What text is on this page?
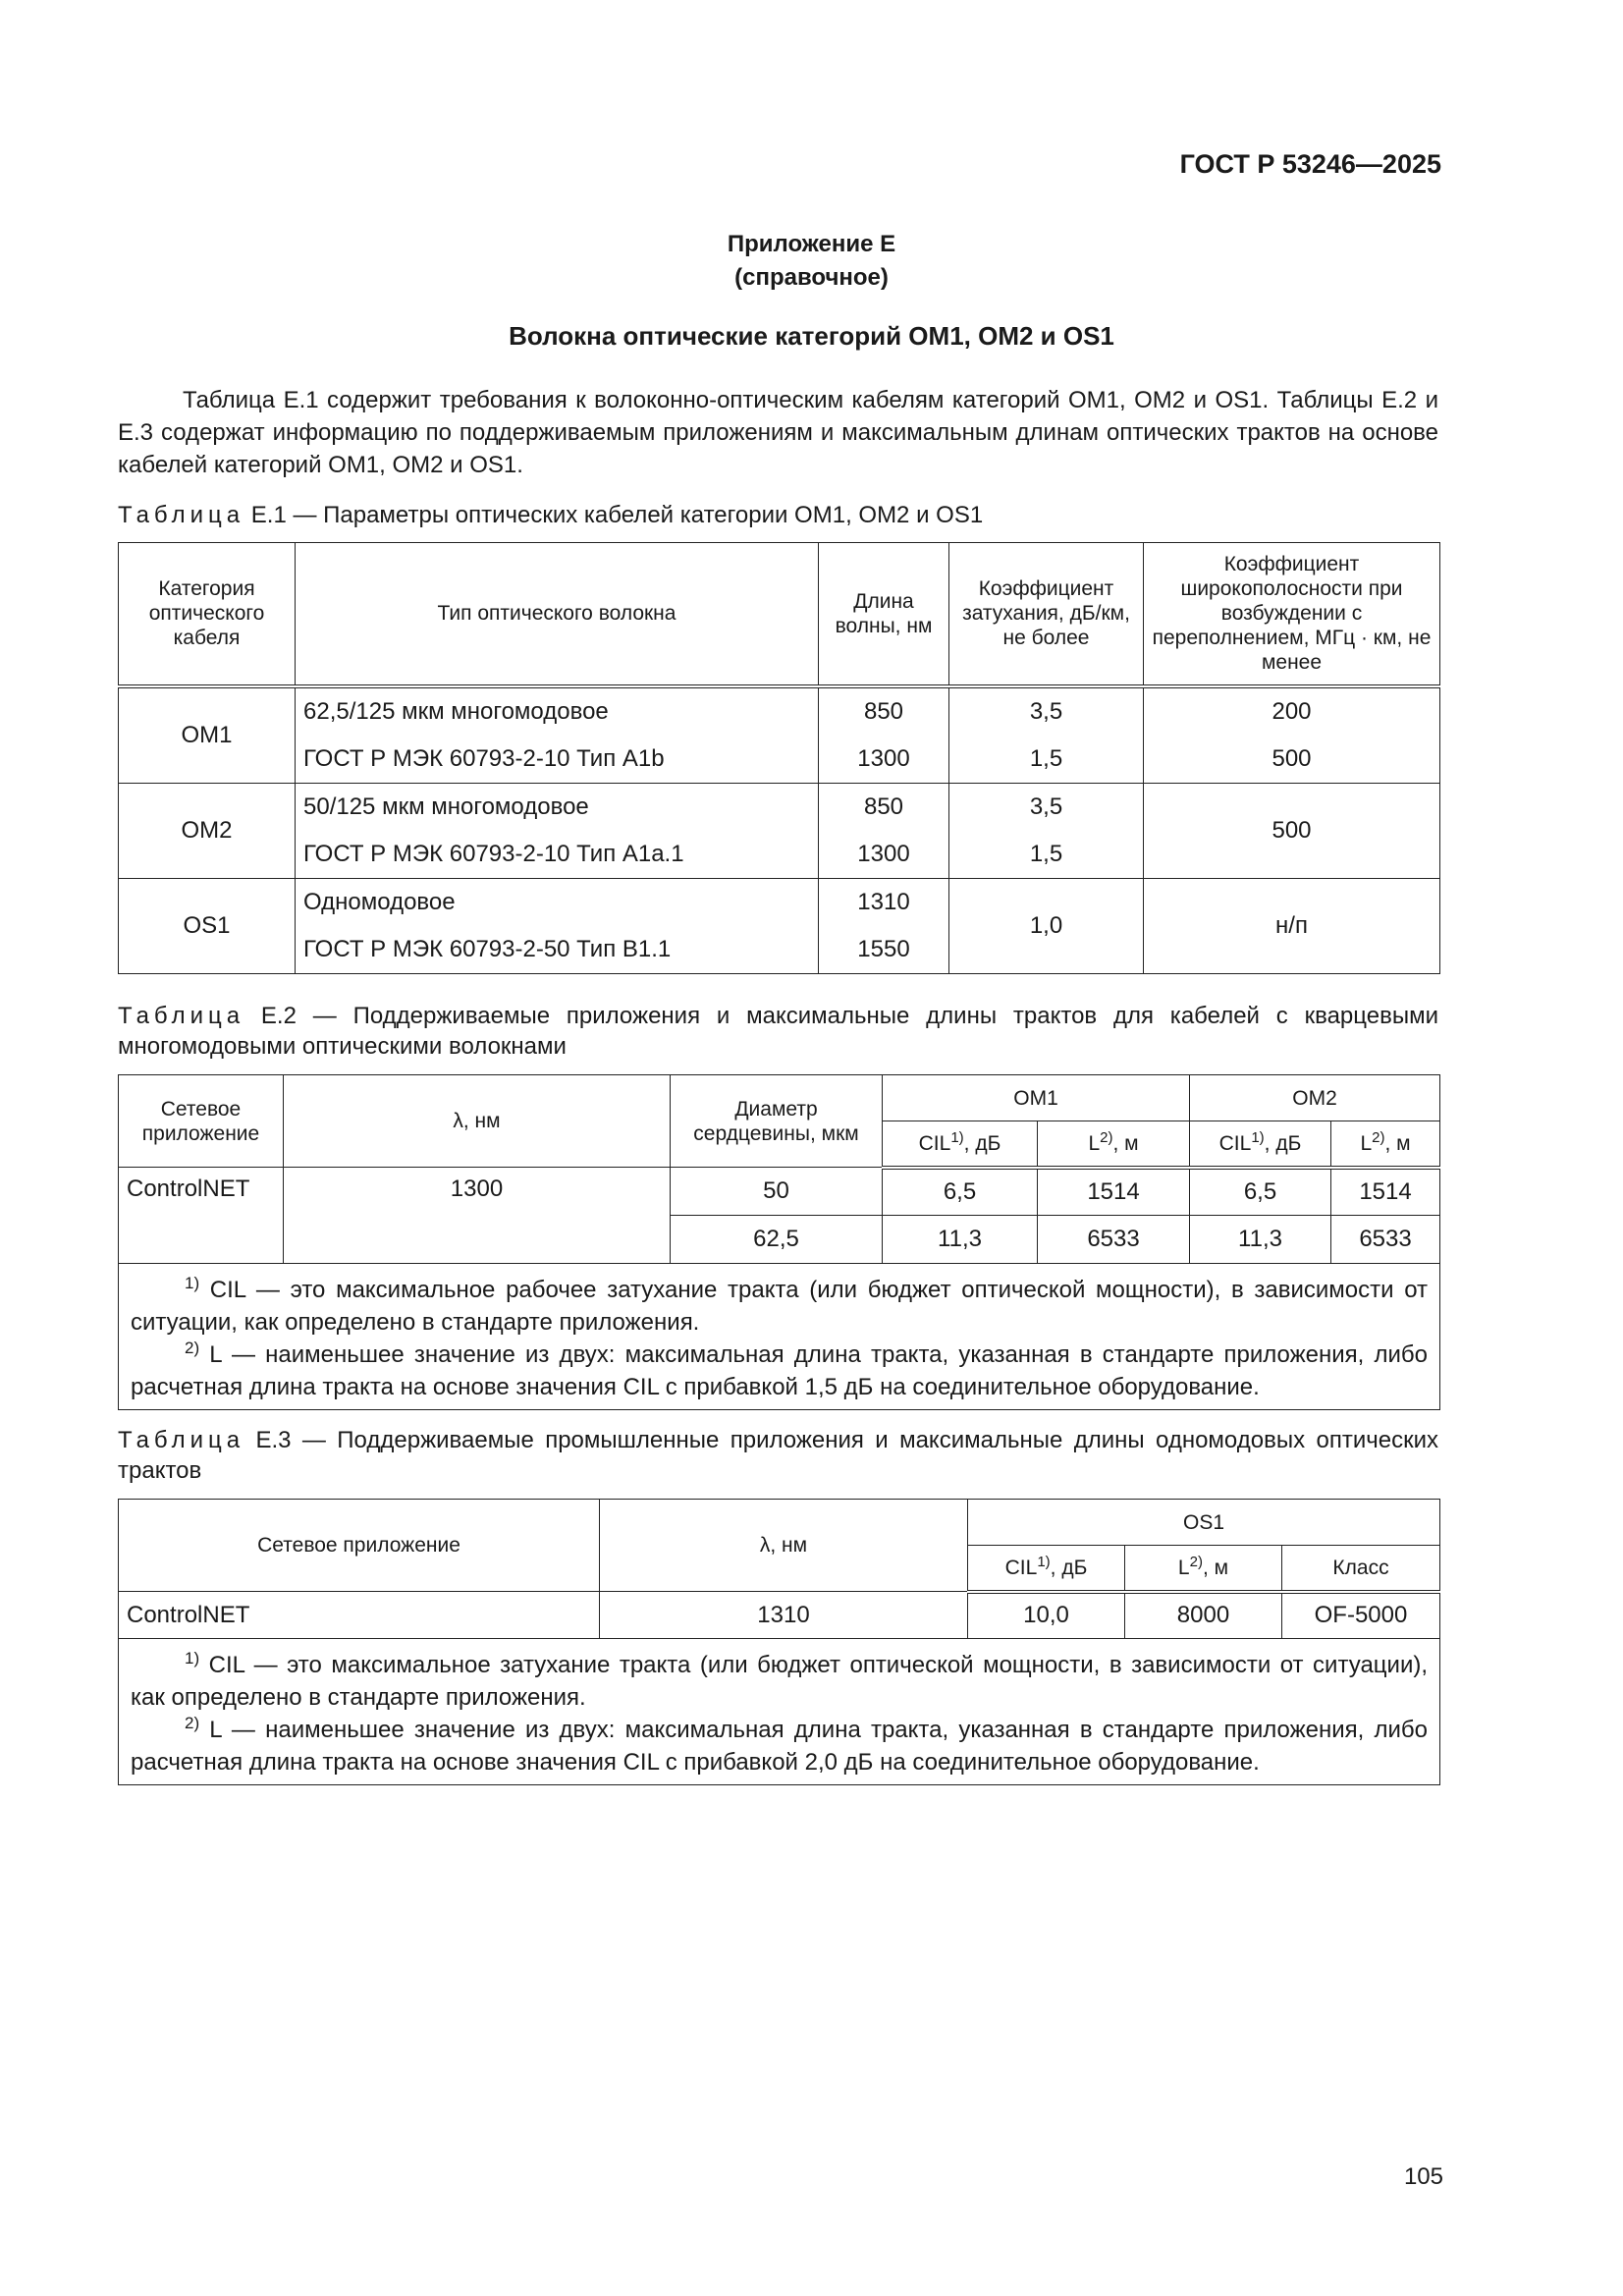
ГОСТ Р 53246—2025
Приложение Е
(справочное)
Волокна оптические категорий ОМ1, ОМ2 и OS1

Таблица Е.1 содержит требования к волоконно-оптическим кабелям категорий ОМ1, ОМ2 и OS1. Таблицы Е.2 и Е.3 содержат информацию по поддерживаемым приложениям и максимальным длинам оптических трактов на основе кабелей категорий ОМ1, ОМ2 и OS1.

Таблица Е.1 — Параметры оптических кабелей категории ОМ1, ОМ2 и OS1

Категория оптического кабеля	Тип оптического волокна	Длина волны, нм	Коэффициент затухания, дБ/км, не более	Коэффициент широкополосности при возбуждении с переполнением, МГц · км, не менее
ОМ1	62,5/125 мкм многомодовое	850	3,5	200
	ГОСТ Р МЭК 60793-2-10 Тип А1b	1300	1,5	500
ОМ2	50/125 мкм многомодовое	850	3,5	500
	ГОСТ Р МЭК 60793-2-10 Тип А1а.1	1300	1,5	
OS1	Одномодовое	1310	1,0	н/п
	ГОСТ Р МЭК 60793-2-50 Тип В1.1	1550		

Таблица Е.2 — Поддерживаемые приложения и максимальные длины трактов для кабелей с кварцевыми многомодовыми оптическими волокнами

Сетевое приложение	λ, нм	Диаметр сердцевины, мкм	ОМ1		ОМ2	
			CIL$^{1)}$, дБ	$L^{2)}$, м	CIL$^{1)}$, дБ	$L^{2)}$, м
ControlNET	1300	50	6,5	1514	6,5	1514
		62,5	11,3	6533	11,3	6533

$^{1)}$ CIL — это максимальное рабочее затухание тракта (или бюджет оптической мощности), в зависимости от ситуации, как определено в стандарте приложения.

$^{2)}$ L — наименьшее значение из двух: максимальная длина тракта, указанная в стандарте приложения, либо расчетная длина тракта на основе значения CIL с прибавкой 1,5 дБ на соединительное оборудование.						

Таблица Е.3 — Поддерживаемые промышленные приложения и максимальные длины одномодовых оптических трактов

Сетевое приложение	λ, нм	OS1		
		CIL$^{1)}$, дБ	$L^{2)}$, м	Класс
ControlNET	1310	10,0	8000	OF-5000

$^{1)}$ CIL — это максимальное затухание тракта (или бюджет оптической мощности, в зависимости от ситуации), как определено в стандарте приложения.

$^{2)}$ L — наименьшее значение из двух: максимальная длина тракта, указанная в стандарте приложения, либо расчетная длина тракта на основе значения CIL с прибавкой 2,0 дБ на соединительное оборудование.				

105
